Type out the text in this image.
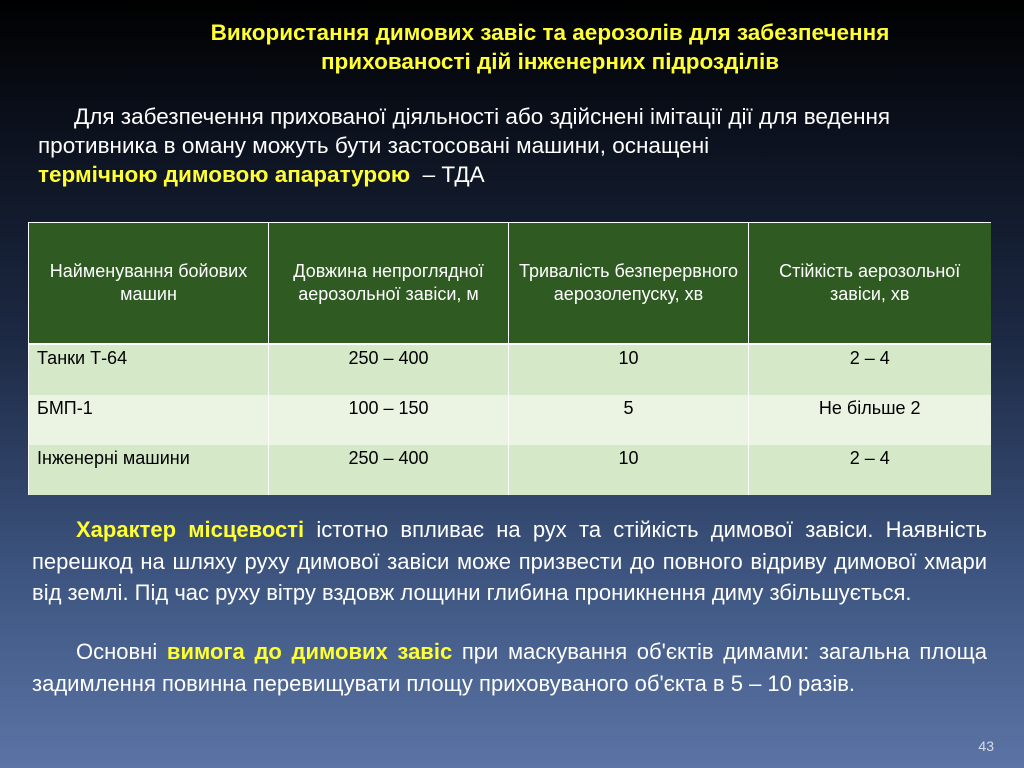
Використання димових завіс та аерозолів для забезпечення
прихованості дій інженерних підрозділів
Для забезпечення прихованої діяльності або здійснені імітації дії для ведення противника в оману можуть бути застосовані машини, оснащені
термічною димовою апаратурою – ТДА
Найменування бойових машин	Довжина непроглядної аерозольної завіси, м	Тривалість безперервного аерозолепуску, хв	Стійкість аерозольної завіси, хв
Танки Т-64	250 – 400	10	2 – 4
БМП-1	100 – 150	5	Не більше 2
Інженерні машини	250 – 400	10	2 – 4
Характер місцевості істотно впливає на рух та стійкість димової завіси. Наявність перешкод на шляху руху димової завіси може призвести до повного відриву димової хмари від землі. Під час руху вітру вздовж лощини глибина проникнення диму збільшується.
Основні вимога до димових завіс при маскування об'єктів димами: загальна площа задимлення повинна перевищувати площу приховуваного об'єкта в 5 – 10 разів.
43
